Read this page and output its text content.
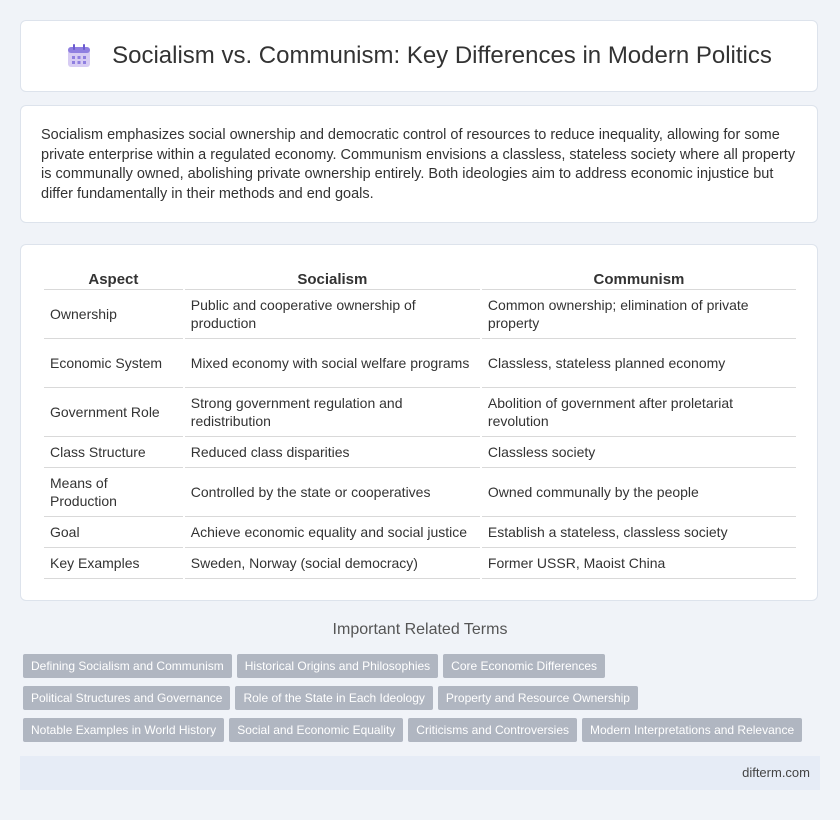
Socialism vs. Communism: Key Differences in Modern Politics

Socialism emphasizes social ownership and democratic control of resources to reduce inequality, allowing for some private enterprise within a regulated economy. Communism envisions a classless, stateless society where all property is communally owned, abolishing private ownership entirely. Both ideologies aim to address economic injustice but differ fundamentally in their methods and end goals.

Aspect	Socialism	Communism
Ownership	Public and cooperative ownership of production	Common ownership; elimination of private property
Economic System	Mixed economy with social welfare programs	Classless, stateless planned economy
Government Role	Strong government regulation and redistribution	Abolition of government after proletariat revolution
Class Structure	Reduced class disparities	Classless society
Means of Production	Controlled by the state or cooperatives	Owned communally by the people
Goal	Achieve economic equality and social justice	Establish a stateless, classless society
Key Examples	Sweden, Norway (social democracy)	Former USSR, Maoist China
Important Related Terms
Defining Socialism and Communism Historical Origins and Philosophies Core Economic Differences
Political Structures and Governance Role of the State in Each Ideology Property and Resource Ownership
Notable Examples in World History Social and Economic Equality Criticisms and Controversies Modern Interpretations and Relevance
difterm.com
